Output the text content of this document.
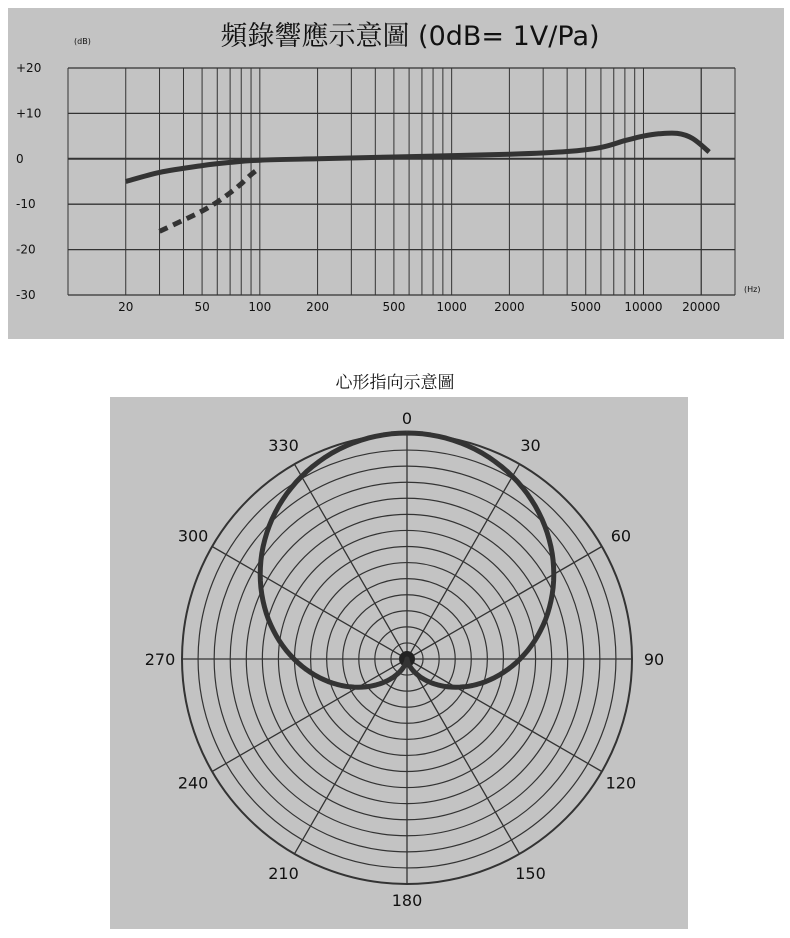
心形指向示意圖
+20
+10
0
-10
-20
-30
20	50	100	200	500	1000 2000	5000 10000 20000
(dB)
(Hz)
頻錄響應示意圖 (0dB= 1V/Pa)
0
30
60
90
120
150
180
210
240
270
300
330
